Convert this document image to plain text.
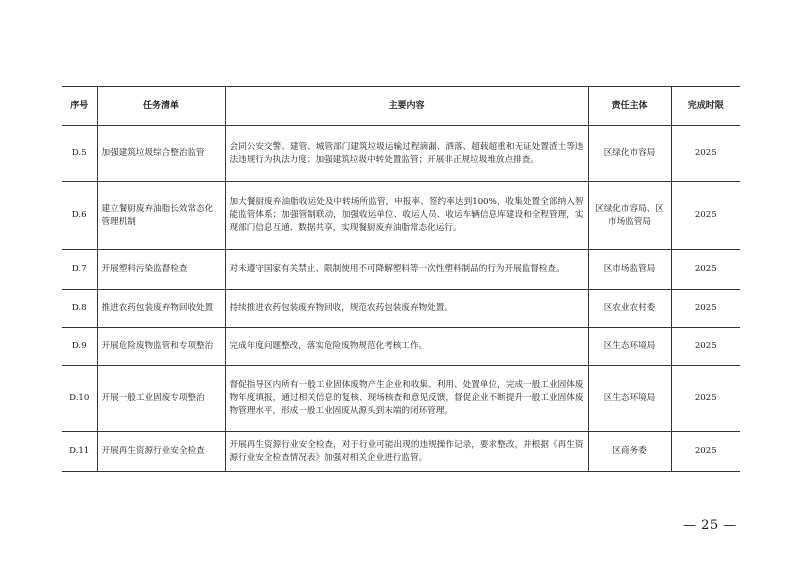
序号	任务清单	主要内容	责任主体	完成时限
D.5	加强建筑垃圾综合整治监管	会同公安交警、建管、城管部门建筑垃圾运输过程滴漏、洒落、超载超重和无证处置渣土等违法违规行为执法力度；加强建筑垃圾中转处置监管；开展非正规垃圾堆放点排查。	区绿化市容局	2025
D.6	建立餐厨废弃油脂长效常态化管理机制	加大餐厨废弃油脂收运处及中转场所监管，申报率、签约率达到100%，收集处置全部纳入智能监管体系；加强管制联动，加强收运单位、收运人员、收运车辆信息库建设和全程管理，实现部门信息互通、数据共享，实现餐厨废弃油脂常态化运行。	区绿化市容局、区市场监管局	2025
D.7	开展塑料污染监督检查	对未遵守国家有关禁止、限制使用不可降解塑料等一次性塑料制品的行为开展监督检查。	区市场监管局	2025
D.8	推进农药包装废弃物回收处置	持续推进农药包装废弃物回收，规范农药包装废弃物处置。	区农业农村委	2025
D.9	开展危险废物监管和专项整治	完成年度问题整改，落实危险废物规范化考核工作。	区生态环境局	2025
D.10	开展一般工业固废专项整治	督促指导区内所有一般工业固体废物产生企业和收集、利用、处置单位，完成一般工业固体废物年度填报，通过相关信息的复核、现场核查和意见反馈，督促企业不断提升一般工业固体废物管理水平，形成一般工业固废从源头到末端的闭环管理。	区生态环境局	2025
D.11	开展再生资源行业安全检查	开展再生资源行业安全检查，对于行业可能出现的违规操作记录，要求整改，并根据《再生资源行业安全检查情况表》加强对相关企业进行监管。	区商务委	2025
— 25 —
